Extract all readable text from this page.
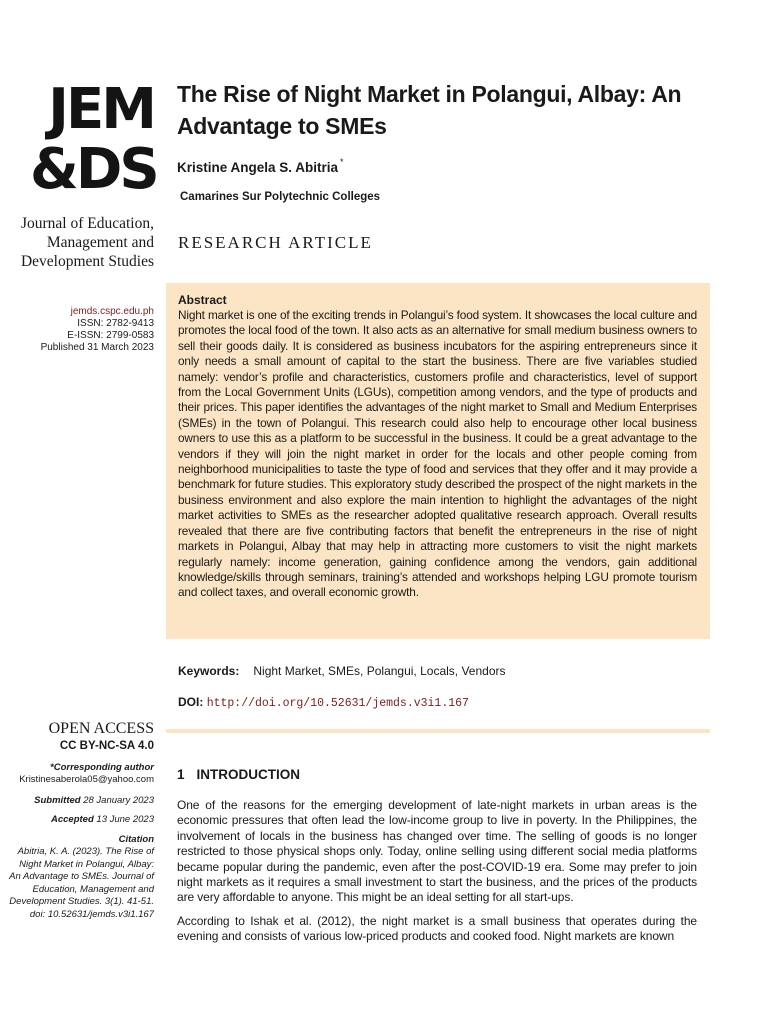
JEM
&DS
Journal of Education, Management and Development Studies
jemds.cspc.edu.ph
ISSN: 2782-9413
E-ISSN: 2799-0583
Published 31 March 2023
OPEN ACCESS
CC BY-NC-SA 4.0
*Corresponding author
Kristinesaberola05@yahoo.com
Submitted 28 January 2023
Accepted 13 June 2023
Citation
Abitria, K. A. (2023). The Rise of Night Market in Polangui, Albay: An Advantage to SMEs. Journal of Education, Management and Development Studies. 3(1). 41-51. doi: 10.52631/jemds.v3i1.167
The Rise of Night Market in Polangui, Albay: An Advantage to SMEs
Kristine Angela S. Abitria *
Camarines Sur Polytechnic Colleges
RESEARCH ARTICLE
Abstract
Night market is one of the exciting trends in Polangui’s food system. It showcases the local culture and promotes the local food of the town. It also acts as an alternative for small medium business owners to sell their goods daily. It is considered as business incubators for the aspiring entrepreneurs since it only needs a small amount of capital to the start the business. There are five variables studied namely: vendor’s profile and characteristics, customers profile and characteristics, level of support from the Local Government Units (LGUs), competition among vendors, and the type of products and their prices. This paper identifies the advantages of the night market to Small and Medium Enterprises (SMEs) in the town of Polangui. This research could also help to encourage other local business owners to use this as a platform to be successful in the business. It could be a great advantage to the vendors if they will join the night market in order for the locals and other people coming from neighborhood municipalities to taste the type of food and services that they offer and it may provide a benchmark for future studies. This exploratory study described the prospect of the night markets in the business environment and also explore the main intention to highlight the advantages of the night market activities to SMEs as the researcher adopted qualitative research approach. Overall results revealed that there are five contributing factors that benefit the entrepreneurs in the rise of night markets in Polangui, Albay that may help in attracting more customers to visit the night markets regularly namely: income generation, gaining confidence among the vendors, gain additional knowledge/skills through seminars, training’s attended and workshops helping LGU promote tourism and collect taxes, and overall economic growth.
Keywords: Night Market, SMEs, Polangui, Locals, Vendors
DOI: http://doi.org/10.52631/jemds.v3i1.167
1 INTRODUCTION
One of the reasons for the emerging development of late-night markets in urban areas is the economic pressures that often lead the low-income group to live in poverty. In the Philippines, the involvement of locals in the business has changed over time. The selling of goods is no longer restricted to those physical shops only. Today, online selling using different social media platforms became popular during the pandemic, even after the post-COVID-19 era. Some may prefer to join night markets as it requires a small investment to start the business, and the prices of the products are very affordable to anyone. This might be an ideal setting for all start-ups.
According to Ishak et al. (2012), the night market is a small business that operates during the evening and consists of various low-priced products and cooked food. Night markets are known
